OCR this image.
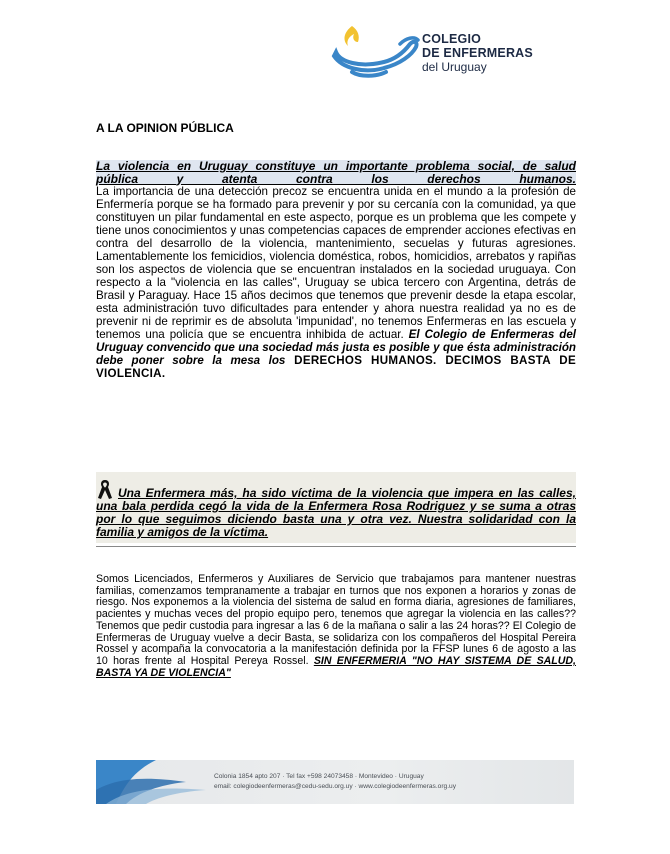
COLEGIO
DE ENFERMERAS
del Uruguay
A LA OPINION PÚBLICA
La violencia en Uruguay constituye un importante problema social, de salud pública y atenta contra los derechos humanos.

La importancia de una detección precoz se encuentra unida en el mundo a la profesión de Enfermería porque se ha formado para prevenir y por su cercanía con la comunidad, ya que constituyen un pilar fundamental en este aspecto, porque es un problema que les compete y tiene unos conocimientos y unas competencias capaces de emprender acciones efectivas en contra del desarrollo de la violencia, mantenimiento, secuelas y futuras agresiones. Lamentablemente los femicidios, violencia doméstica, robos, homicidios, arrebatos y rapiñas son los aspectos de violencia que se encuentran instalados en la sociedad uruguaya. Con respecto a la "violencia en las calles", Uruguay se ubica tercero con Argentina, detrás de Brasil y Paraguay. Hace 15 años decimos que tenemos que prevenir desde la etapa escolar, esta administración tuvo dificultades para entender y ahora nuestra realidad ya no es de prevenir ni de reprimir es de absoluta 'impunidad', no tenemos Enfermeras en las escuela y tenemos una policía que se encuentra inhibida de actuar. El Colegio de Enfermeras del Uruguay convencido que una sociedad más justa es posible y que ésta administración debe poner sobre la mesa los DERECHOS HUMANOS. DECIMOS BASTA DE VIOLENCIA.

Una Enfermera más, ha sido víctima de la violencia que impera en las calles, una bala perdida cegó la vida de la Enfermera Rosa Rodriguez y se suma a otras por lo que seguimos diciendo basta una y otra vez. Nuestra solidaridad con la familia y amigos de la víctima.

Somos Licenciados, Enfermeros y Auxiliares de Servicio que trabajamos para mantener nuestras familias, comenzamos tempranamente a trabajar en turnos que nos exponen a horarios y zonas de riesgo. Nos exponemos a la violencia del sistema de salud en forma diaria, agresiones de familiares, pacientes y muchas veces del propio equipo pero, tenemos que agregar la violencia en las calles??Tenemos que pedir custodia para ingresar a las 6 de la mañana o salir a las 24 horas?? El Colegio de Enfermeras de Uruguay vuelve a decir Basta, se solidariza con los compañeros del Hospital Pereira Rossel y acompaña la convocatoria a la manifestación definida por la FFSP lunes 6 de agosto a las 10 horas frente al Hospital Pereya Rossel. SIN ENFERMERIA "NO HAY SISTEMA DE SALUD, BASTA YA DE VIOLENCIA"

Colonia 1854 apto 207 · Tel fax +598 24073458 · Montevideo · Uruguay
email: colegiodeenfermeras@cedu-sedu.org.uy · www.colegiodeenfermeras.org.uy
